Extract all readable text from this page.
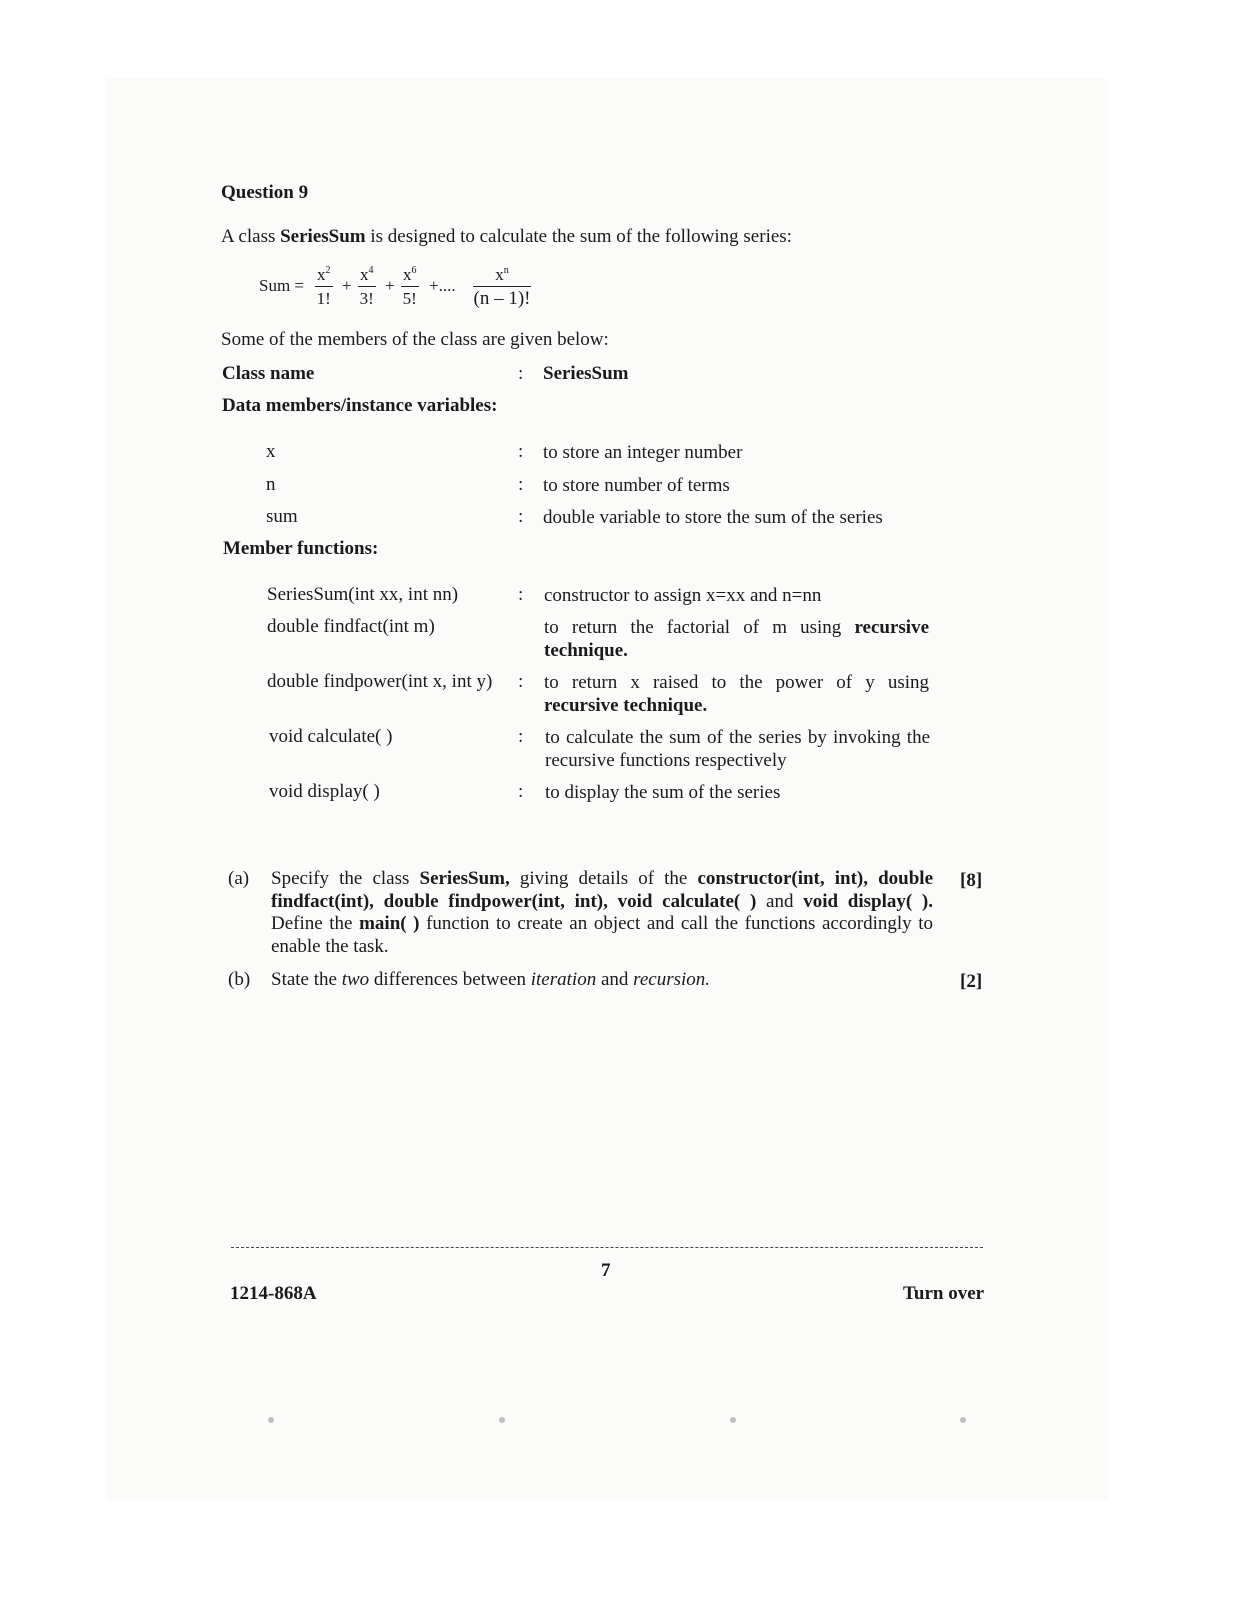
Question 9
A class SeriesSum is designed to calculate the sum of the following series:
Sum = $\frac{x^2}{1!} + \frac{x^4}{3!} + \frac{x^6}{5!}$ +.... $\frac{x^n}{(n - 1)!}$
Some of the members of the class are given below:
Class name	: SeriesSum
Data members/instance variables:
x	: to store an integer number
n	: to store number of terms
sum	: double variable to store the sum of the series
Member functions:
SeriesSum(int xx, int nn)	: constructor to assign x=xx and n=nn
double findfact(int m)	to return the factorial of m using recursive technique.
double findpower(int x, int y) : to return x raised to the power of y using recursive technique.
void calculate( )	: to calculate the sum of the series by invoking the recursive functions respectively
void display( )	: to display the sum of the series
(a) Specify the class SeriesSum, giving details of the constructor(int, int), double findfact(int), double findpower(int, int), void calculate( ) and void display( ). Define the main( ) function to create an object and call the functions accordingly to enable the task.
[8]
(b) State the two differences between iteration and recursion.	[2]
7
1214-868A	Turn over
